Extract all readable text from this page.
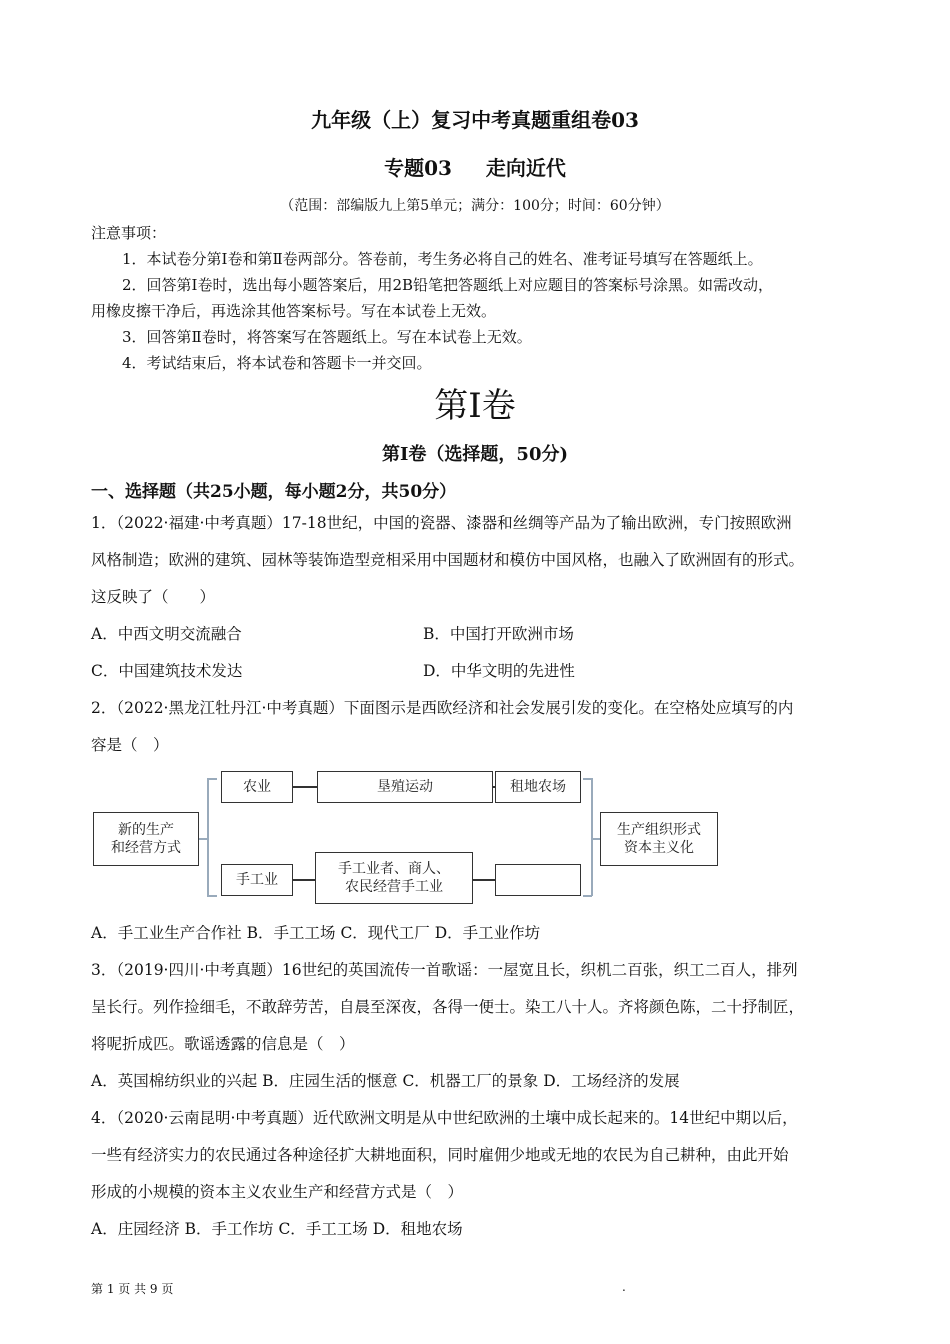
九年级（上）复习中考真题重组卷03
专题03 走向近代
（范围：部编版九上第5单元；满分：100分；时间：60分钟）
注意事项：
1．本试卷分第Ⅰ卷和第Ⅱ卷两部分。答卷前，考生务必将自己的姓名、准考证号填写在答题纸上。
2．回答第Ⅰ卷时，选出每小题答案后，用2B铅笔把答题纸上对应题目的答案标号涂黑。如需改动，
用橡皮擦干净后，再选涂其他答案标号。写在本试卷上无效。
3．回答第Ⅱ卷时，将答案写在答题纸上。写在本试卷上无效。
4．考试结束后，将本试卷和答题卡一并交回。
第Ⅰ卷
第Ⅰ卷（选择题，50分)
一、选择题（共25小题，每小题2分，共50分）
1．（2022·福建·中考真题）17-18世纪，中国的瓷器、漆器和丝绸等产品为了输出欧洲，专门按照欧洲
风格制造；欧洲的建筑、园林等装饰造型竞相采用中国题材和模仿中国风格，也融入了欧洲固有的形式。
这反映了（　　）
A．中西文明交流融合	B．中国打开欧洲市场
C．中国建筑技术发达	D．中华文明的先进性
2．（2022·黑龙江牡丹江·中考真题）下面图示是西欧经济和社会发展引发的变化。在空格处应填写的内
容是（　）
新的生产
和经营方式
农业	垦殖运动	租地农场
手工业
手工业者、商人、
农民经营手工业
生产组织形式
资本主义化
A．手工业生产合作社 B．手工工场 C．现代工厂 D．手工业作坊
3．（2019·四川·中考真题）16世纪的英国流传一首歌谣：一屋宽且长，织机二百张，织工二百人，排列
呈长行。列作捡细毛，不敢辞劳苦，自晨至深夜，各得一便士。染工八十人。齐将颜色陈，二十抒制匠，
将呢折成匹。歌谣透露的信息是（　）
A．英国棉纺织业的兴起 B．庄园生活的惬意 C．机器工厂的景象 D．工场经济的发展
4．（2020·云南昆明·中考真题）近代欧洲文明是从中世纪欧洲的土壤中成长起来的。14世纪中期以后，
一些有经济实力的农民通过各种途径扩大耕地面积，同时雇佣少地或无地的农民为自己耕种，由此开始
形成的小规模的资本主义农业生产和经营方式是（　）
A．庄园经济 B．手工作坊 C．手工工场 D．租地农场
第 1 页 共 9 页	.
